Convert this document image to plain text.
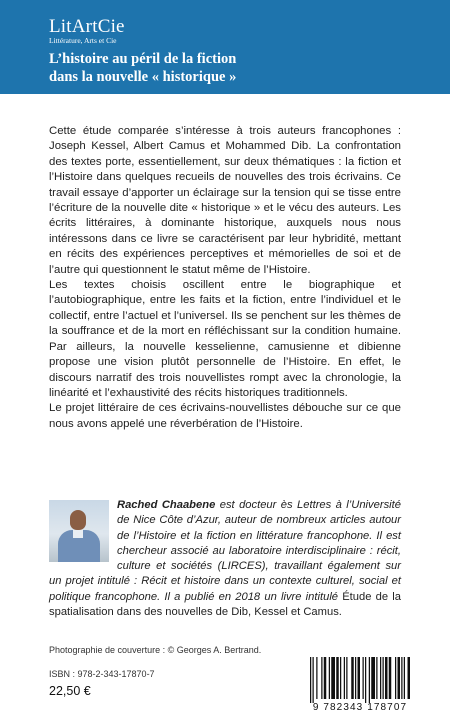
LitArtCie
Littérature, Arts et Cie
L’histoire au péril de la fiction
dans la nouvelle « historique »

Cette étude comparée s’intéresse à trois auteurs francophones : Joseph Kessel, Albert Camus et Mohammed Dib. La confrontation des textes porte, essentiellement, sur deux thématiques : la fiction et l’Histoire dans quelques recueils de nouvelles des trois écrivains. Ce travail essaye d’apporter un éclairage sur la tension qui se tisse entre l’écriture de la nouvelle dite « historique » et le vécu des auteurs. Les écrits littéraires, à dominante historique, auxquels nous nous intéressons dans ce livre se caractérisent par leur hybridité, mettant en récits des expériences perceptives et mémorielles de soi et de l’autre qui questionnent le statut même de l’Histoire.

Les textes choisis oscillent entre le biographique et l’autobiographique, entre les faits et la fiction, entre l’individuel et le collectif, entre l’actuel et l’universel. Ils se penchent sur les thèmes de la souffrance et de la mort en réfléchissant sur la condition humaine. Par ailleurs, la nouvelle kesselienne, camusienne et dibienne propose une vision plutôt personnelle de l’Histoire. En effet, le discours narratif des trois nouvellistes rompt avec la chronologie, la linéarité et l’exhaustivité des récits historiques traditionnels.

Le projet littéraire de ces écrivains-nouvellistes débouche sur ce que nous avons appelé une réverbération de l’Histoire.

Rached Chaabene est docteur ès Lettres à l’Université de Nice Côte d’Azur, auteur de nombreux articles autour de l’Histoire et la fiction en littérature francophone. Il est chercheur associé au laboratoire interdisciplinaire : récit, culture et sociétés (LIRCES), travaillant également sur un projet intitulé : Récit et histoire dans un contexte culturel, social et politique francophone. Il a publié en 2018 un livre intitulé Étude de la spatialisation dans des nouvelles de Dib, Kessel et Camus.
Photographie de couverture : © Georges A. Bertrand.
ISBN : 978-2-343-17870-7
22,50 €
9 782343 178707
